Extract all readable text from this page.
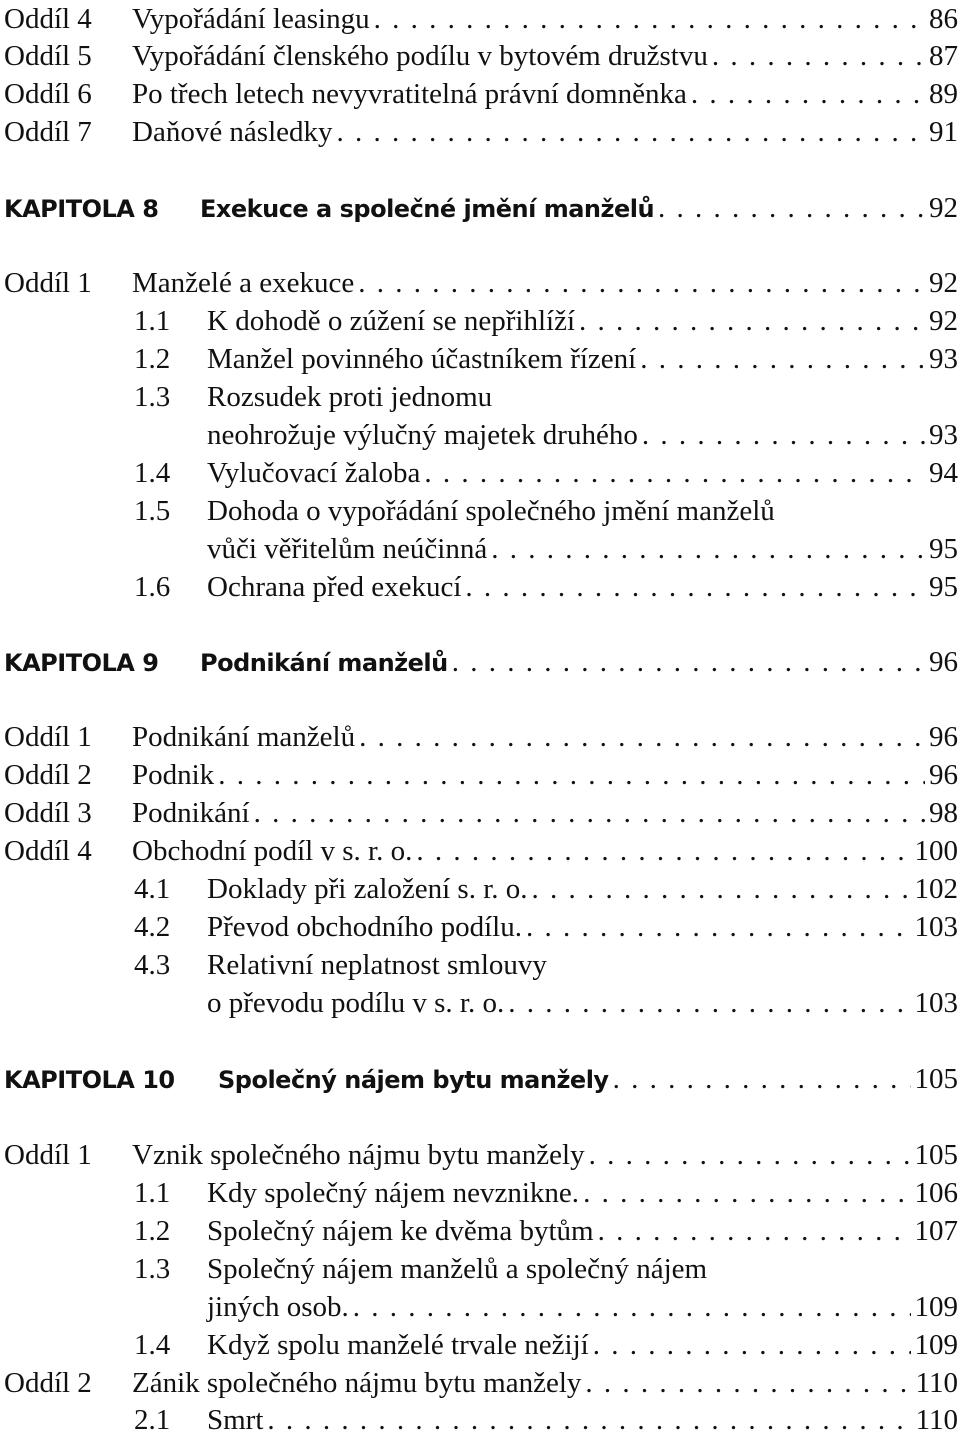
Oddíl 4 Vypořádání leasingu . . .	86
Oddíl 5 Vypořádání členského podílu v bytovém družstvu . . .	87
Oddíl 6 Po třech letech nevyvratitelná právní domněnka . . .	89
Oddíl 7 Daňové následky . . .	91
KAPITOLA 8 Exekuce a společné jmění manželů . . .	92
Oddíl 1 Manželé a exekuce . . .	92
1.1 K dohodě o zúžení se nepřihlíží . . .	92
1.2 Manžel povinného účastníkem řízení . . .	93
1.3 Rozsudek proti jednomu
neohrožuje výlučný majetek druhého . . .	93
1.4 Vylučovací žaloba . . .	94
1.5 Dohoda o vypořádání společného jmění manželů
vůči věřitelům neúčinná . . .	95
1.6 Ochrana před exekucí . . .	95
KAPITOLA 9 Podnikání manželů . . .	96
Oddíl 1 Podnikání manželů . . .	96
Oddíl 2 Podnik . . .	96
Oddíl 3 Podnikání . . .	98
Oddíl 4 Obchodní podíl v s. r. o. . . .	100
4.1 Doklady při založení s. r. o. . . .	102
4.2 Převod obchodního podílu. . . .	103
4.3 Relativní neplatnost smlouvy
o převodu podílu v s. r. o. . . .	103
KAPITOLA 10 Společný nájem bytu manžely . . .	105
Oddíl 1 Vznik společného nájmu bytu manžely . . .	105
1.1 Kdy společný nájem nevznikne. . . .	106
1.2 Společný nájem ke dvěma bytům . . .	107
1.3 Společný nájem manželů a společný nájem
jiných osob. . . .	109
1.4 Když spolu manželé trvale nežijí . . .	109
Oddíl 2 Zánik společného nájmu bytu manžely . . .	110
2.1 Smrt . . .	110
